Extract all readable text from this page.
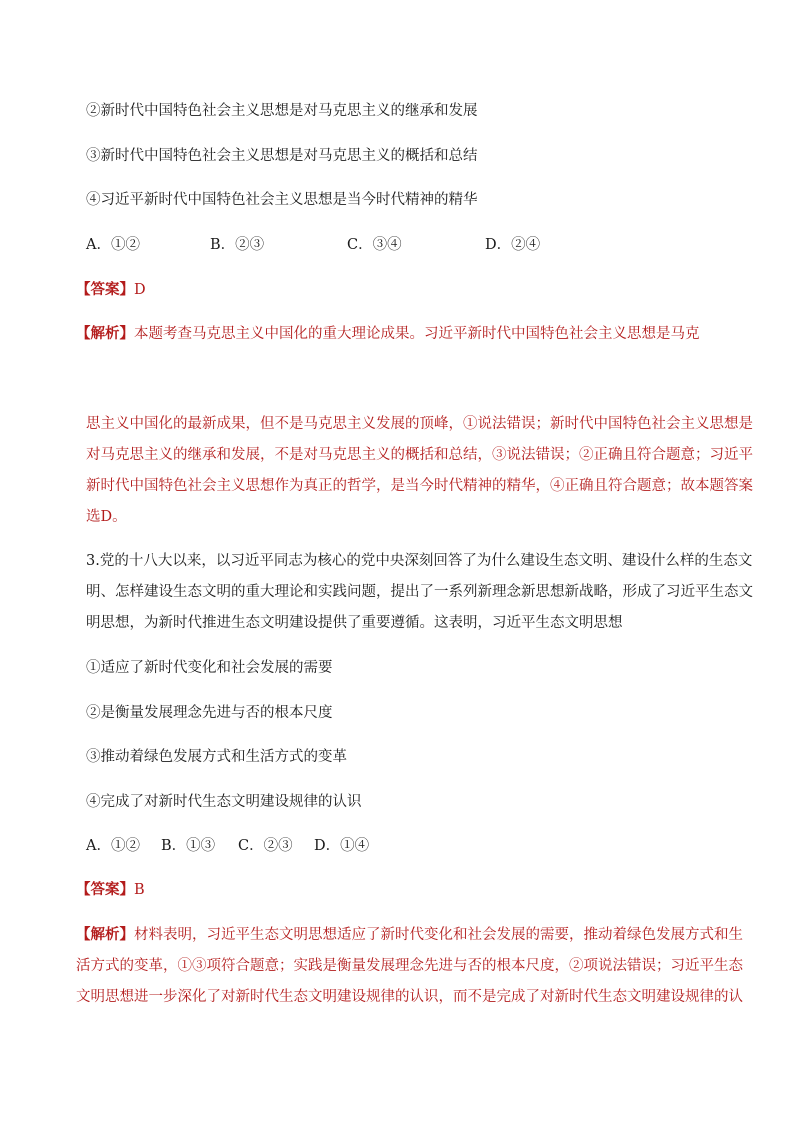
②新时代中国特色社会主义思想是对马克思主义的继承和发展
③新时代中国特色社会主义思想是对马克思主义的概括和总结
④习近平新时代中国特色社会主义思想是当今时代精神的精华
A．①②	B．②③	C．③④	D．②④
【答案】D
【解析】本题考查马克思主义中国化的重大理论成果。习近平新时代中国特色社会主义思想是马克
思主义中国化的最新成果，但不是马克思主义发展的顶峰，①说法错误；新时代中国特色社会主义思想是
对马克思主义的继承和发展，不是对马克思主义的概括和总结，③说法错误；②正确且符合题意；习近平
新时代中国特色社会主义思想作为真正的哲学，是当今时代精神的精华，④正确且符合题意；故本题答案
选D。
3.党的十八大以来，以习近平同志为核心的党中央深刻回答了为什么建设生态文明、建设什么样的生态文
明、怎样建设生态文明的重大理论和实践问题，提出了一系列新理念新思想新战略，形成了习近平生态文
明思想，为新时代推进生态文明建设提供了重要遵循。这表明，习近平生态文明思想
①适应了新时代变化和社会发展的需要
②是衡量发展理念先进与否的根本尺度
③推动着绿色发展方式和生活方式的变革
④完成了对新时代生态文明建设规律的认识
A．①② B．①③ C．②③ D．①④
【答案】B
【解析】材料表明，习近平生态文明思想适应了新时代变化和社会发展的需要，推动着绿色发展方式和生
活方式的变革，①③项符合题意；实践是衡量发展理念先进与否的根本尺度，②项说法错误；习近平生态
文明思想进一步深化了对新时代生态文明建设规律的认识，而不是完成了对新时代生态文明建设规律的认
